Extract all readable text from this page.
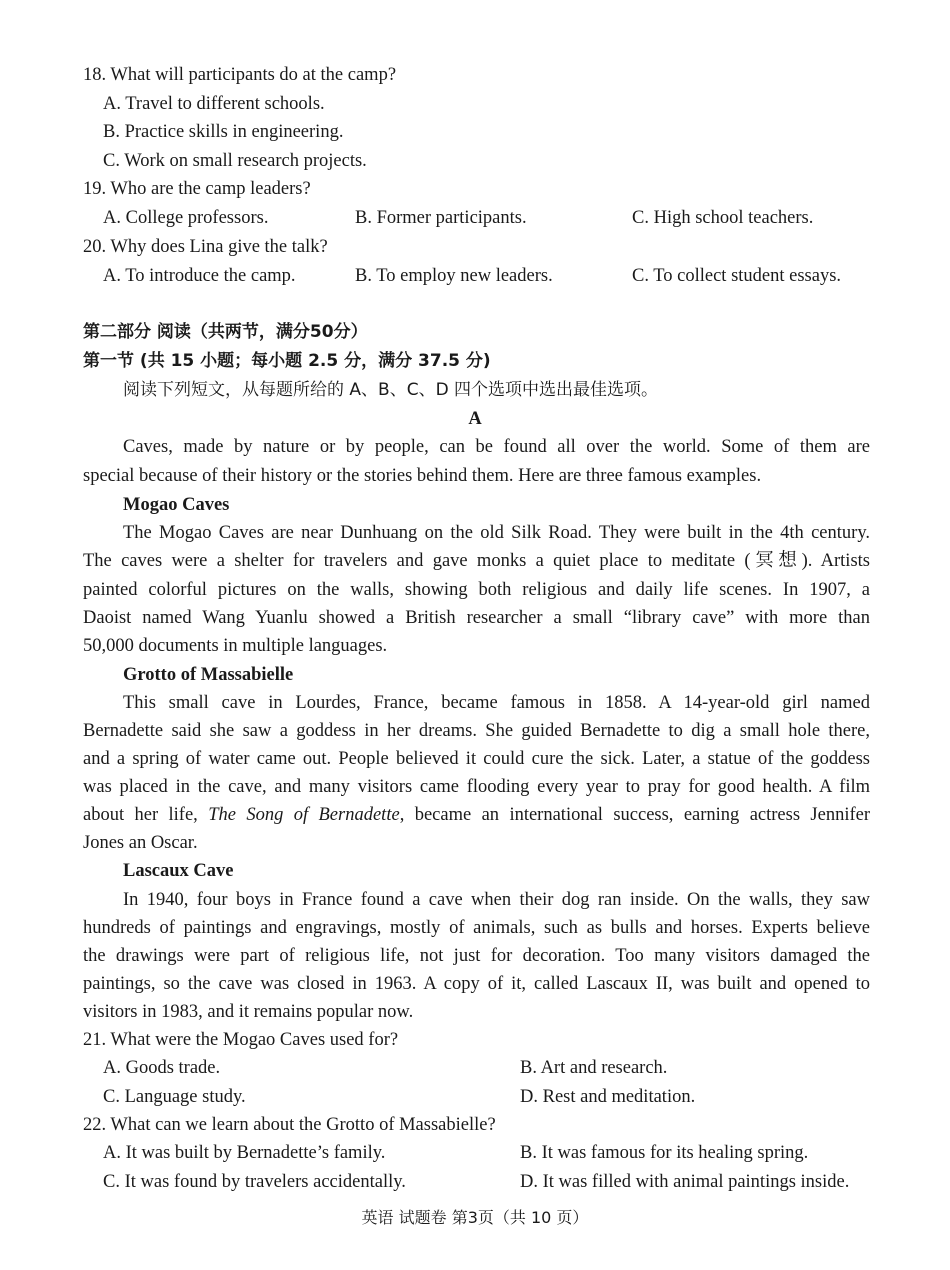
18. What will participants do at the camp?
A. Travel to different schools.
B. Practice skills in engineering.
C. Work on small research projects.
19. Who are the camp leaders?
A. College professors.	B. Former participants.	C. High school teachers.
20. Why does Lina give the talk?
A. To introduce the camp.	B. To employ new leaders.	C. To collect student essays.
第二部分 阅读（共两节，满分50分）
第一节 (共 15 小题；每小题 2.5 分，满分 37.5 分)
阅读下列短文，从每题所给的 A、B、C、D 四个选项中选出最佳选项。
A
Caves, made by nature or by people, can be found all over the world. Some of them are
special because of their history or the stories behind them. Here are three famous examples.
Mogao Caves
The Mogao Caves are near Dunhuang on the old Silk Road. They were built in the 4th century.
The caves were a shelter for travelers and gave monks a quiet place to meditate (冥想). Artists
painted colorful pictures on the walls, showing both religious and daily life scenes. In 1907, a
Daoist named Wang Yuanlu showed a British researcher a small “library cave” with more than
50,000 documents in multiple languages.
Grotto of Massabielle
This small cave in Lourdes, France, became famous in 1858. A 14-year-old girl named
Bernadette said she saw a goddess in her dreams. She guided Bernadette to dig a small hole there,
and a spring of water came out. People believed it could cure the sick. Later, a statue of the goddess
was placed in the cave, and many visitors came flooding every year to pray for good health. A film
about her life, The Song of Bernadette, became an international success, earning actress Jennifer
Jones an Oscar.
Lascaux Cave
In 1940, four boys in France found a cave when their dog ran inside. On the walls, they saw
hundreds of paintings and engravings, mostly of animals, such as bulls and horses. Experts believe
the drawings were part of religious life, not just for decoration. Too many visitors damaged the
paintings, so the cave was closed in 1963. A copy of it, called Lascaux II, was built and opened to
visitors in 1983, and it remains popular now.
21. What were the Mogao Caves used for?
A. Goods trade.	B. Art and research.
C. Language study.	D. Rest and meditation.
22. What can we learn about the Grotto of Massabielle?
A. It was built by Bernadette’s family.	B. It was famous for its healing spring.
C. It was found by travelers accidentally.	D. It was filled with animal paintings inside.
英语 试题卷 第3页（共 10 页）
